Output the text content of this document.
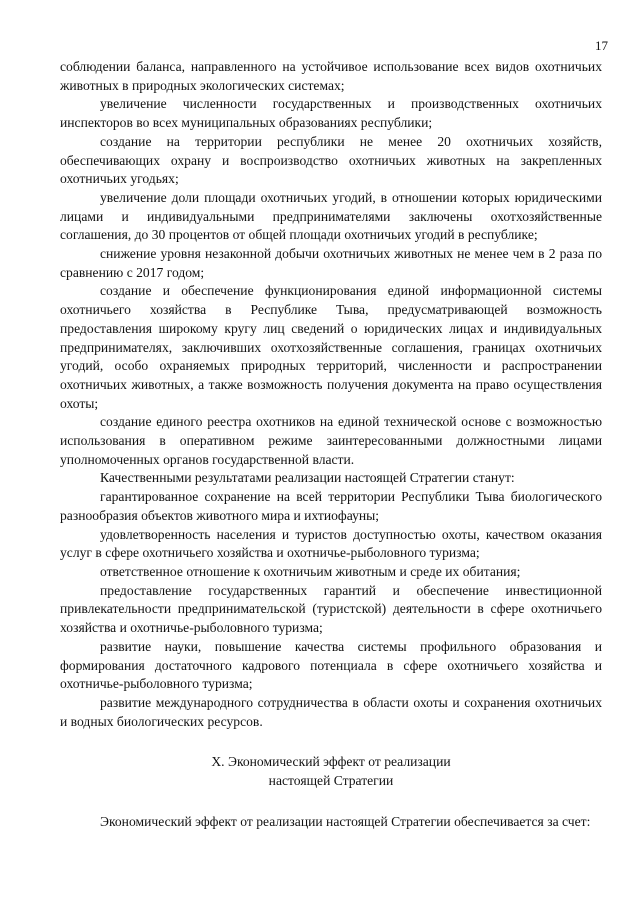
17

соблюдении баланса, направленного на устойчивое использование всех видов охотничьих животных в природных экологических системах;

увеличение численности государственных и производственных охотничьих инспекторов во всех муниципальных образованиях республики;

создание на территории республики не менее 20 охотничьих хозяйств, обеспечивающих охрану и воспроизводство охотничьих животных на закрепленных охотничьих угодьях;

увеличение доли площади охотничьих угодий, в отношении которых юридическими лицами и индивидуальными предпринимателями заключены охотхозяйственные соглашения, до 30 процентов от общей площади охотничьих угодий в республике;

снижение уровня незаконной добычи охотничьих животных не менее чем в 2 раза по сравнению с 2017 годом;

создание и обеспечение функционирования единой информационной системы охотничьего хозяйства в Республике Тыва, предусматривающей возможность предоставления широкому кругу лиц сведений о юридических лицах и индивидуальных предпринимателях, заключивших охотхозяйственные соглашения, границах охотничьих угодий, особо охраняемых природных территорий, численности и распространении охотничьих животных, а также возможность получения документа на право осуществления охоты;

создание единого реестра охотников на единой технической основе с возможностью использования в оперативном режиме заинтересованными должностными лицами уполномоченных органов государственной власти.

Качественными результатами реализации настоящей Стратегии станут:

гарантированное сохранение на всей территории Республики Тыва биологического разнообразия объектов животного мира и ихтиофауны;

удовлетворенность населения и туристов доступностью охоты, качеством оказания услуг в сфере охотничьего хозяйства и охотничье-рыболовного туризма;

ответственное отношение к охотничьим животным и среде их обитания;

предоставление государственных гарантий и обеспечение инвестиционной привлекательности предпринимательской (туристской) деятельности в сфере охотничьего хозяйства и охотничье-рыболовного туризма;

развитие науки, повышение качества системы профильного образования и формирования достаточного кадрового потенциала в сфере охотничьего хозяйства и охотничье-рыболовного туризма;

развитие международного сотрудничества в области охоты и сохранения охотничьих и водных биологических ресурсов.

X. Экономический эффект от реализации
настоящей Стратегии

Экономический эффект от реализации настоящей Стратегии обеспечивается за счет:
